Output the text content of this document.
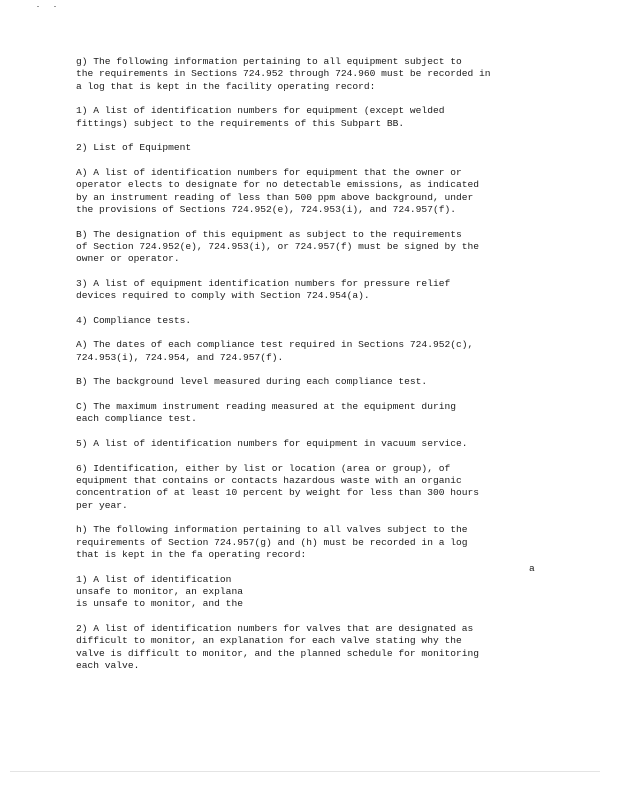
g) The following information pertaining to all equipment subject to
the requirements in Sections 724.952 through 724.960 must be recorded in
a log that is kept in the facility operating record:

1) A list of identification numbers for equipment (except welded
fittings) subject to the requirements of this Subpart BB.

2) List of Equipment

A) A list of identification numbers for equipment that the owner or
operator elects to designate for no detectable emissions, as indicated
by an instrument reading of less than 500 ppm above background, under
the provisions of Sections 724.952(e), 724.953(i), and 724.957(f).

B) The designation of this equipment as subject to the requirements
of Section 724.952(e), 724.953(i), or 724.957(f) must be signed by the
owner or operator.

3) A list of equipment identification numbers for pressure relief
devices required to comply with Section 724.954(a).

4) Compliance tests.

A) The dates of each compliance test required in Sections 724.952(c),
724.953(i), 724.954, and 724.957(f).

B) The background level measured during each compliance test.

C) The maximum instrument reading measured at the equipment during
each compliance test.

5) A list of identification numbers for equipment in vacuum service.

6) Identification, either by list or location (area or group), of
equipment that contains or contacts hazardous waste with an organic
concentration of at least 10 percent by weight for less than 300 hours
per year.

h) The following information pertaining to all valves subject to the
requirements of Section 724.957(g) and (h) must be recorded in a log
that is kept in the fa operating record:

1) A list of identification
unsafe to monitor, an explana
is unsafe to monitor, and the

2) A list of identification numbers for valves that are designated as
difficult to monitor, an explanation for each valve stating why the
valve is difficult to monitor, and the planned schedule for monitoring
each valve.

a
